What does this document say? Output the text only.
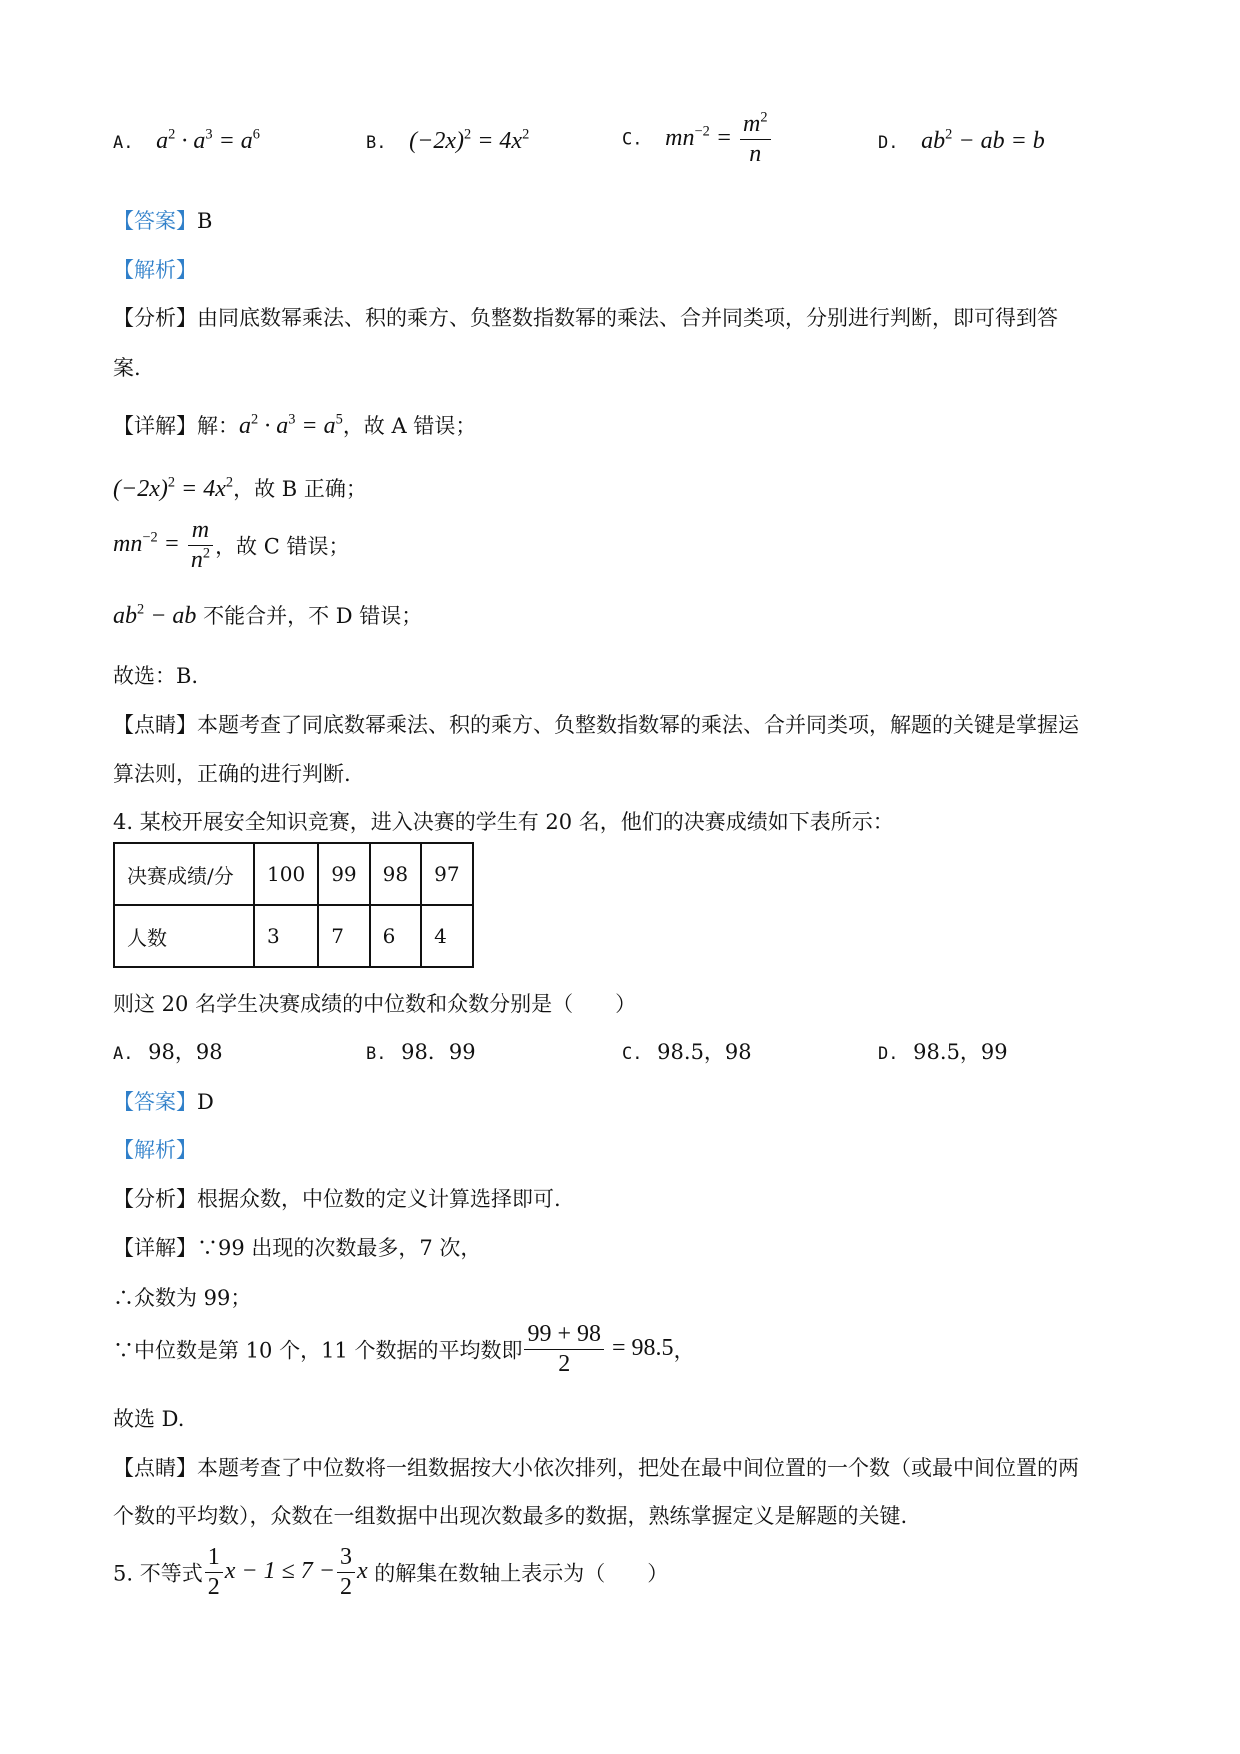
A. $a^2 \cdot a^3 = a^6$	B. $(-2x)^2 = 4x^2$	C. $mn^{-2} = \frac{m^2}{n}$	D. $ab^2$ − ab = b
【答案】B
【解析】
【分析】由同底数幂乘法、积的乘方、负整数指数幂的乘法、合并同类项，分别进行判断，即可得到答
案.
【详解】解：$a^2 \cdot a^3 = a^5$，故 A 错误；
$(-2x)^2 = 4x^2$，故 B 正确；
$mn^{-2} = \frac{m}{n^2}$ ，故 C 错误；
$ab^2$ − ab 不能合并，不 D 错误；
故选：B.
【点睛】本题考查了同底数幂乘法、积的乘方、负整数指数幂的乘法、合并同类项，解题的关键是掌握运
算法则，正确的进行判断.
4. 某校开展安全知识竞赛，进入决赛的学生有 20 名，他们的决赛成绩如下表所示：
决赛成绩/分	100	99	98	97
人数	3	7	6	4
则这 20 名学生决赛成绩的中位数和众数分别是（　　）
A. 98，98	B. 98．99	C. 98.5，98	D. 98.5，99
【答案】D
【解析】
【分析】根据众数，中位数的定义计算选择即可.
【详解】∵99 出现的次数最多，7 次，
∴众数为 99；
∵中位数是第 10 个，11 个数据的平均数即 $\frac{99 + 98}{2} = 98.5$，
故选 D.
【点睛】本题考查了中位数将一组数据按大小依次排列，把处在最中间位置的一个数（或最中间位置的两
个数的平均数），众数在一组数据中出现次数最多的数据，熟练掌握定义是解题的关键.
5. 不等式 $\frac{1}{2}$ $x - 1 \le 7 - \frac{3}{2}$ x 的解集在数轴上表示为（　　）
